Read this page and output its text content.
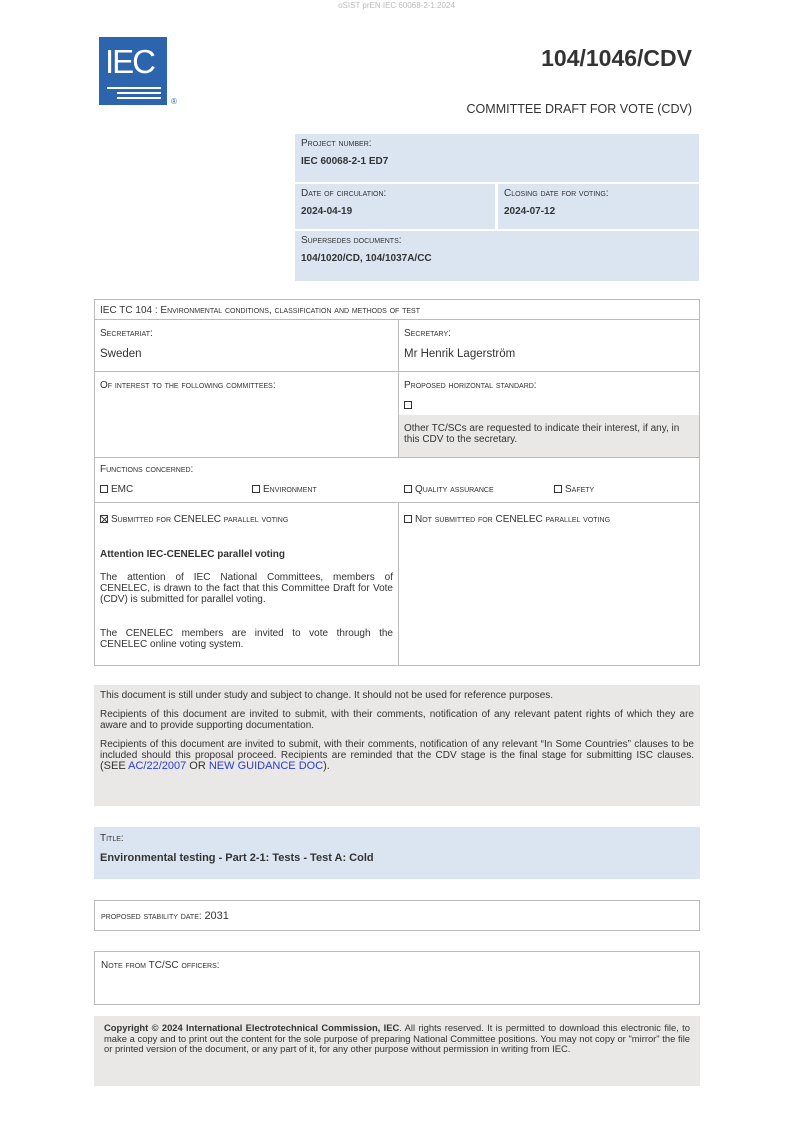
oSIST prEN IEC 60068-2-1:2024
IEC
®
104/1046/CDV
COMMITTEE DRAFT FOR VOTE (CDV)
Project number:
IEC 60068-2-1 ED7
Date of circulation:
2024-04-19
Closing date for voting:
2024-07-12
Supersedes documents:
104/1020/CD, 104/1037A/CC
IEC TC 104 : Environmental conditions, classification and methods of test
Secretariat:
Sweden
Secretary:
Mr Henrik Lagerström
Of interest to the following committees:	Proposed horizontal standard:
Other TC/SCs are requested to indicate their interest, if any, in this CDV to the secretary.
Functions concerned:
EMC	Environment	Quality assurance	Safety
Submitted for CENELEC parallel voting	Not submitted for CENELEC parallel voting
Attention IEC-CENELEC parallel voting
The attention of IEC National Committees, members of CENELEC, is drawn to the fact that this Committee Draft for Vote (CDV) is submitted for parallel voting.
The CENELEC members are invited to vote through the CENELEC online voting system.

This document is still under study and subject to change. It should not be used for reference purposes.

Recipients of this document are invited to submit, with their comments, notification of any relevant patent rights of which they are aware and to provide supporting documentation.

Recipients of this document are invited to submit, with their comments, notification of any relevant “In Some Countries” clauses to be included should this proposal proceed. Recipients are reminded that the CDV stage is the final stage for submitting ISC clauses. (SEE AC/22/2007 OR NEW GUIDANCE DOC).

Title:
Environmental testing - Part 2-1: Tests - Test A: Cold
proposed stability date: 2031
Note from TC/SC officers:
Copyright © 2024 International Electrotechnical Commission, IEC. All rights reserved. It is permitted to download this electronic file, to make a copy and to print out the content for the sole purpose of preparing National Committee positions. You may not copy or "mirror" the file or printed version of the document, or any part of it, for any other purpose without permission in writing from IEC.
